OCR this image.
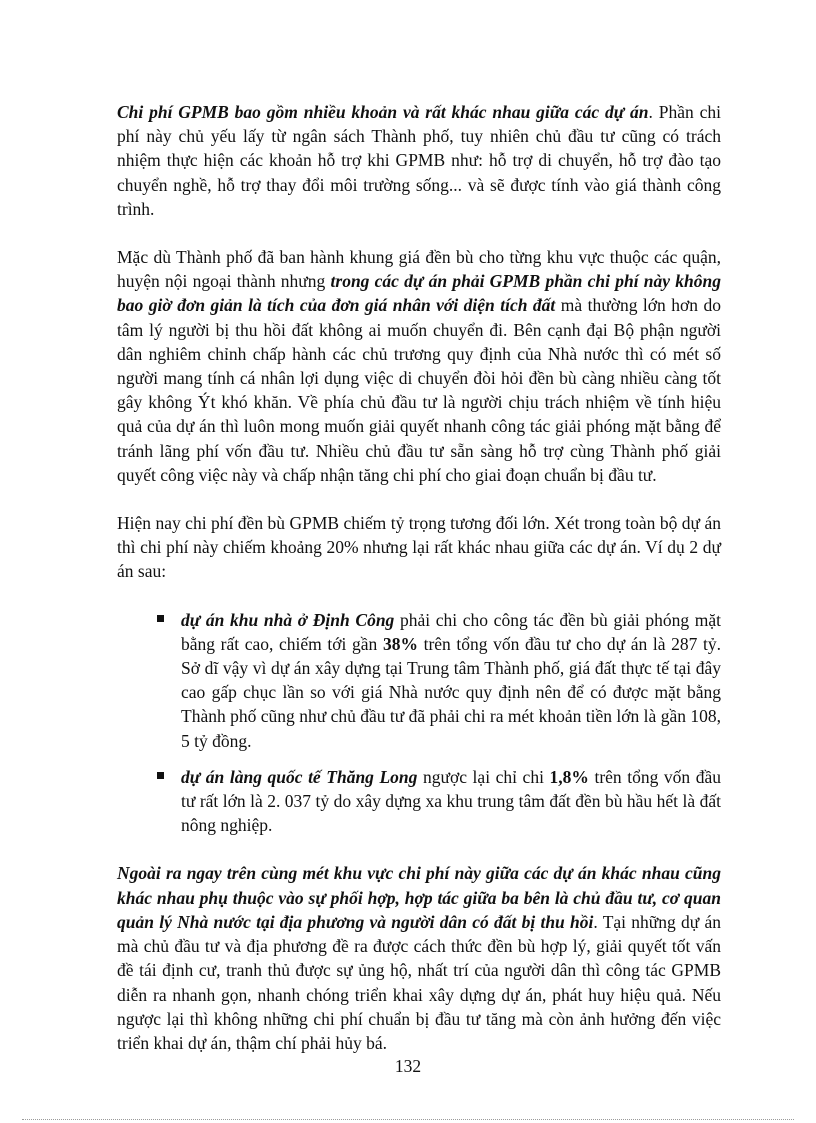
Chi phí GPMB bao gồm nhiều khoản và rất khác nhau giữa các dự án. Phần chi phí này chủ yếu lấy từ ngân sách Thành phố, tuy nhiên chủ đầu tư cũng có trách nhiệm thực hiện các khoản hỗ trợ khi GPMB như: hỗ trợ di chuyển, hỗ trợ đào tạo chuyển nghề, hỗ trợ thay đổi môi trường sống... và sẽ được tính vào giá thành công trình.

Mặc dù Thành phố đã ban hành khung giá đền bù cho từng khu vực thuộc các quận, huyện nội ngoại thành nhưng trong các dự án phải GPMB phần chi phí này không bao giờ đơn giản là tích của đơn giá nhân với diện tích đất mà thường lớn hơn do tâm lý người bị thu hồi đất không ai muốn chuyển đi. Bên cạnh đại Bộ phận người dân nghiêm chỉnh chấp hành các chủ trương quy định của Nhà nước thì có mét số người mang tính cá nhân lợi dụng việc di chuyển đòi hỏi đền bù càng nhiều càng tốt gây không Ýt khó khăn. Về phía chủ đầu tư là người chịu trách nhiệm về tính hiệu quả của dự án thì luôn mong muốn giải quyết nhanh công tác giải phóng mặt bằng để tránh lãng phí vốn đầu tư. Nhiều chủ đầu tư sẵn sàng hỗ trợ cùng Thành phố giải quyết công việc này và chấp nhận tăng chi phí cho giai đoạn chuẩn bị đầu tư.

Hiện nay chi phí đền bù GPMB chiếm tỷ trọng tương đối lớn. Xét trong toàn bộ dự án thì chi phí này chiếm khoảng 20% nhưng lại rất khác nhau giữa các dự án. Ví dụ 2 dự án sau:

dự án khu nhà ở Định Công phải chi cho công tác đền bù giải phóng mặt bằng rất cao, chiếm tới gần 38% trên tổng vốn đầu tư cho dự án là 287 tỷ. Sở dĩ vậy vì dự án xây dựng tại Trung tâm Thành phố, giá đất thực tế tại đây cao gấp chục lần so với giá Nhà nước quy định nên để có được mặt bằng Thành phố cũng như chủ đầu tư đã phải chi ra mét khoản tiền lớn là gần 108, 5 tỷ đồng.
dự án làng quốc tế Thăng Long ngược lại chỉ chi 1,8% trên tổng vốn đầu tư rất lớn là 2. 037 tỷ do xây dựng xa khu trung tâm đất đền bù hầu hết là đất nông nghiệp.

Ngoài ra ngay trên cùng mét khu vực chi phí này giữa các dự án khác nhau cũng khác nhau phụ thuộc vào sự phối hợp, hợp tác giữa ba bên là chủ đầu tư, cơ quan quản lý Nhà nước tại địa phương và người dân có đất bị thu hồi. Tại những dự án mà chủ đầu tư và địa phương đề ra được cách thức đền bù hợp lý, giải quyết tốt vấn đề tái định cư, tranh thủ được sự ủng hộ, nhất trí của người dân thì công tác GPMB diễn ra nhanh gọn, nhanh chóng triển khai xây dựng dự án, phát huy hiệu quả. Nếu ngược lại thì không những chi phí chuẩn bị đầu tư tăng mà còn ảnh hưởng đến việc triển khai dự án, thậm chí phải hủy bá.

132
